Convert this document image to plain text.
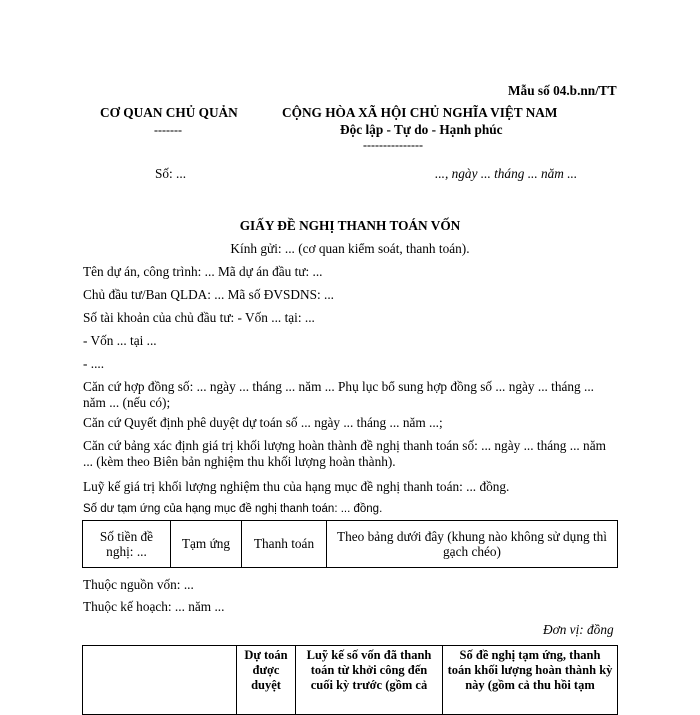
Mẫu số 04.b.nn/TT
CƠ QUAN CHỦ QUẢN
-------
CỘNG HÒA XÃ HỘI CHỦ NGHĨA VIỆT NAM
Độc lập - Tự do - Hạnh phúc
---------------
Số: ...	..., ngày ... tháng ... năm ...
GIẤY ĐỀ NGHỊ THANH TOÁN VỐN
Kính gửi: ... (cơ quan kiểm soát, thanh toán).
Tên dự án, công trình: ... Mã dự án đầu tư: ...
Chủ đầu tư/Ban QLDA: ... Mã số ĐVSDNS: ...
Số tài khoản của chủ đầu tư: - Vốn ... tại: ...
- Vốn ... tại ...
- ....
Căn cứ hợp đồng số: ... ngày ... tháng ... năm ... Phụ lục bổ sung hợp đồng số ... ngày ... tháng ... năm ... (nếu có);
Căn cứ Quyết định phê duyệt dự toán số ... ngày ... tháng ... năm ...;
Căn cứ bảng xác định giá trị khối lượng hoàn thành đề nghị thanh toán số: ... ngày ... tháng ... năm ... (kèm theo Biên bản nghiệm thu khối lượng hoàn thành).
Luỹ kế giá trị khối lượng nghiệm thu của hạng mục đề nghị thanh toán: ... đồng.
Số dư tạm ứng của hạng mục đề nghị thanh toán: ... đồng.
Số tiền đề nghị: ...	Tạm ứng	Thanh toán	Theo bảng dưới đây (khung nào không sử dụng thì gạch chéo)
Thuộc nguồn vốn: ...
Thuộc kế hoạch: ... năm ...
Đơn vị: đồng
	Dự toán được duyệt	Luỹ kế số vốn đã thanh toán từ khởi công đến cuối kỳ trước (gồm cả	Số đề nghị tạm ứng, thanh toán khối lượng hoàn thành kỳ này (gồm cả thu hồi tạm
